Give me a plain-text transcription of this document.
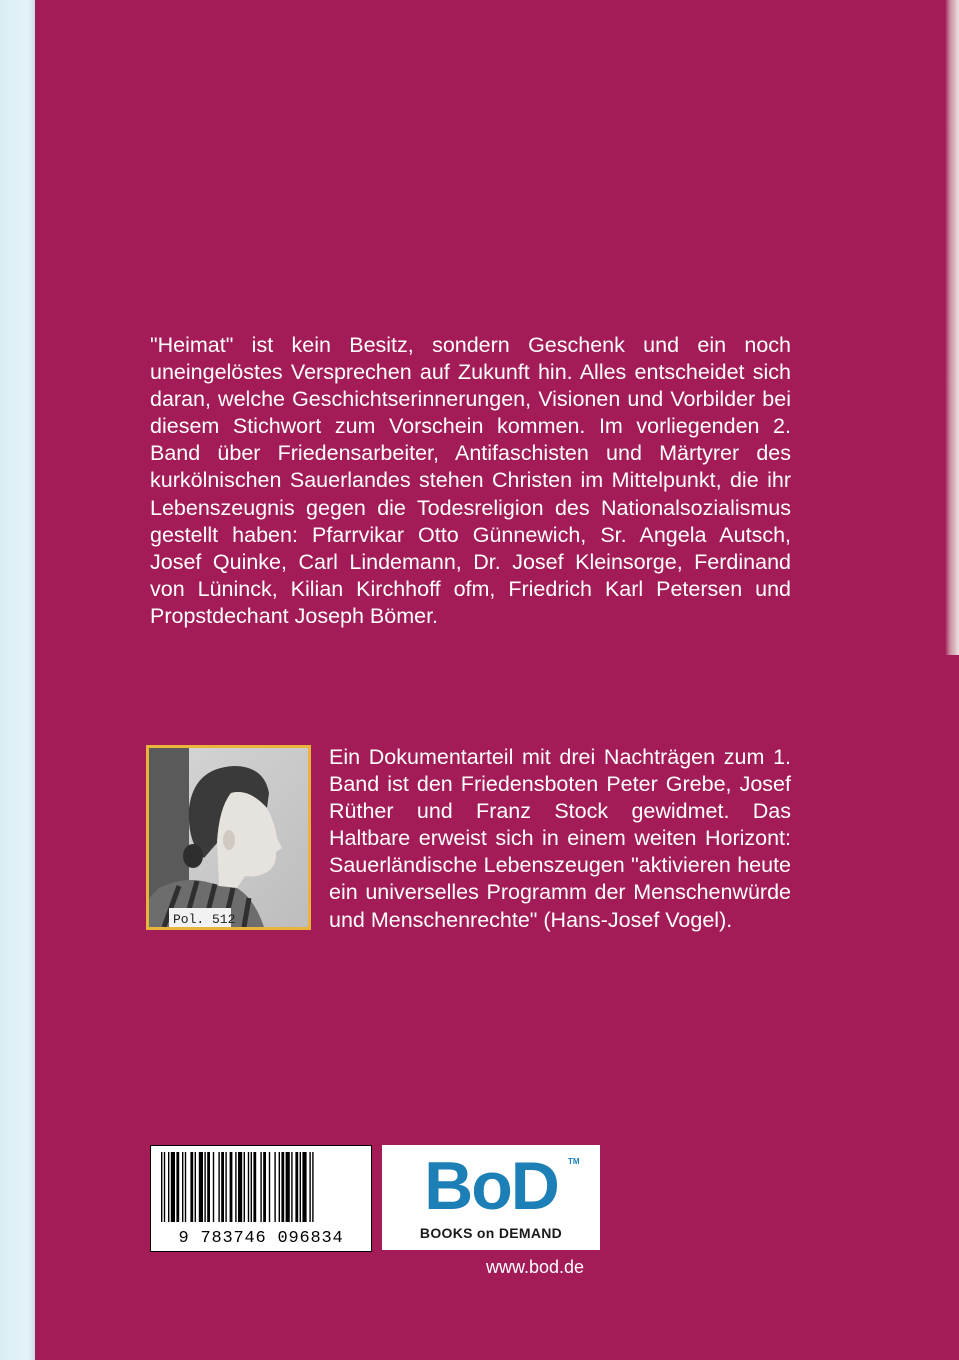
"Heimat" ist kein Besitz, sondern Geschenk und ein noch uneingelöstes Versprechen auf Zukunft hin. Alles entscheidet sich daran, welche Geschichtserinnerungen, Visionen und Vorbilder bei diesem Stichwort zum Vorschein kommen. Im vorliegenden 2. Band über Friedensarbeiter, Antifaschisten und Märtyrer des kurkölnischen Sauerlandes stehen Christen im Mittelpunkt, die ihr Lebenszeugnis gegen die Todesreligion des Nationalsozialismus gestellt haben: Pfarrvikar Otto Günnewich, Sr. Angela Autsch, Josef Quinke, Carl Lindemann, Dr. Josef Kleinsorge, Ferdinand von Lüninck, Kilian Kirchhoff ofm, Friedrich Karl Petersen und Propstdechant Joseph Bömer.

Pol. 512

Ein Dokumentarteil mit drei Nachträgen zum 1. Band ist den Friedensboten Peter Grebe, Josef Rüther und Franz Stock gewidmet. Das Haltbare erweist sich in einem weiten Horizont: Sauerländische Lebenszeugen "aktivieren heute ein universelles Programm der Menschenwürde und Menschenrechte" (Hans-Josef Vogel).

9 783746 096834
BoD	TM
BOOKS on DEMAND
www.bod.de
